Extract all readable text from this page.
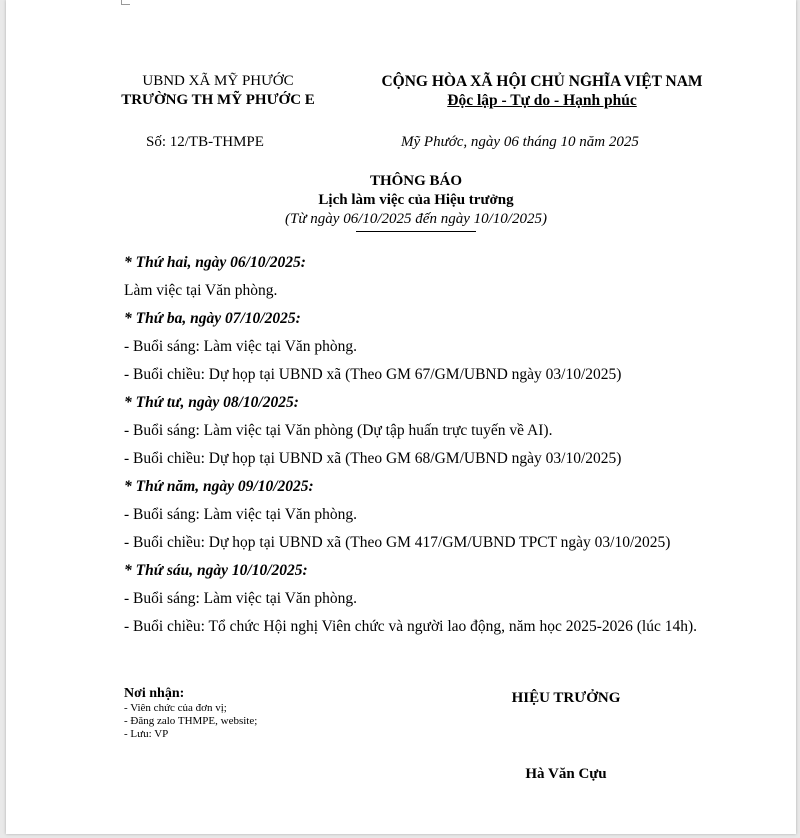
UBND XÃ MỸ PHƯỚC
TRƯỜNG TH MỸ PHƯỚC E
CỘNG HÒA XÃ HỘI CHỦ NGHĨA VIỆT NAM
Độc lập - Tự do - Hạnh phúc
Số: 12/TB-THMPE	Mỹ Phước, ngày 06 tháng 10 năm 2025
THÔNG BÁO
Lịch làm việc của Hiệu trưởng
(Từ ngày 06/10/2025 đến ngày 10/10/2025)
* Thứ hai, ngày 06/10/2025:
Làm việc tại Văn phòng.
* Thứ ba, ngày 07/10/2025:
- Buổi sáng: Làm việc tại Văn phòng.
- Buổi chiều: Dự họp tại UBND xã (Theo GM 67/GM/UBND ngày 03/10/2025)
* Thứ tư, ngày 08/10/2025:
- Buổi sáng: Làm việc tại Văn phòng (Dự tập huấn trực tuyến về AI).
- Buổi chiều: Dự họp tại UBND xã (Theo GM 68/GM/UBND ngày 03/10/2025)
* Thứ năm, ngày 09/10/2025:
- Buổi sáng: Làm việc tại Văn phòng.
- Buổi chiều: Dự họp tại UBND xã (Theo GM 417/GM/UBND TPCT ngày 03/10/2025)
* Thứ sáu, ngày 10/10/2025:
- Buổi sáng: Làm việc tại Văn phòng.
- Buổi chiều: Tổ chức Hội nghị Viên chức và người lao động, năm học 2025-2026 (lúc 14h).
Nơi nhận:
- Viên chức của đơn vị;
- Đăng zalo THMPE, website;
- Lưu: VP
HIỆU TRƯỞNG
Hà Văn Cựu
